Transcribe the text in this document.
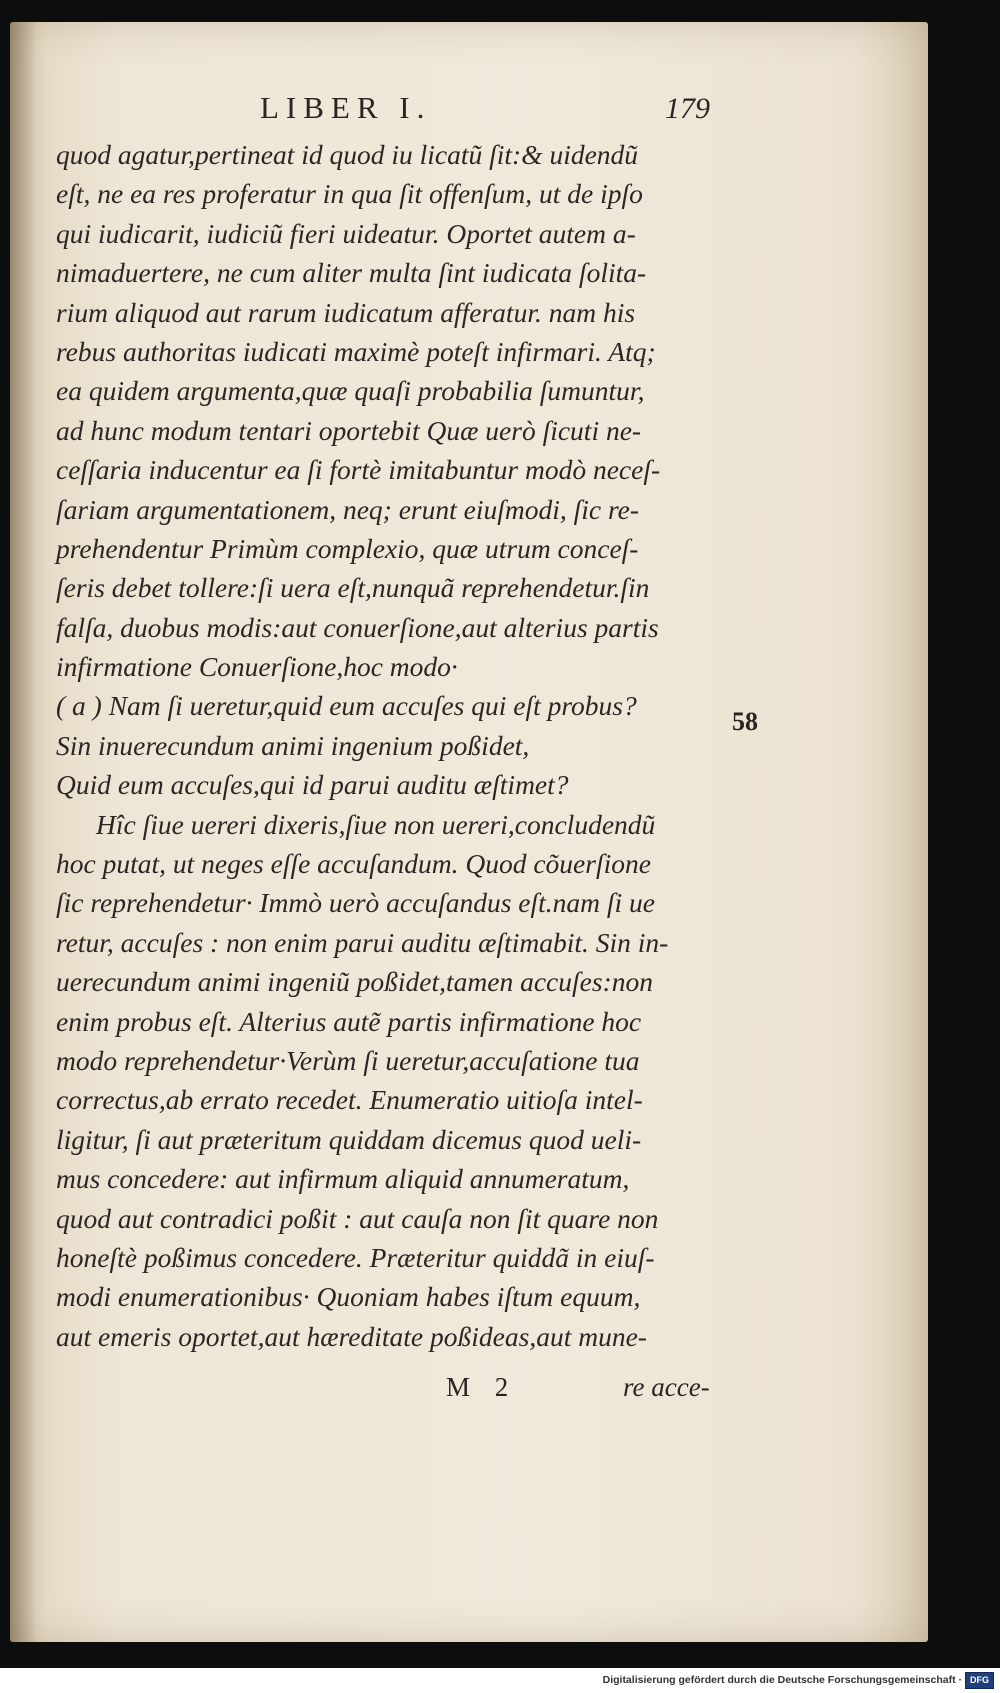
LIBER I.	179
quod agatur,pertineat id quod iu licatũ ſit:& uidendũ
eſt, ne ea res proferatur in qua ſit offenſum, ut de ipſo
qui iudicarit, iudiciũ fieri uideatur. Oportet autem a-
nimaduertere, ne cum aliter multa ſint iudicata ſolita-
rium aliquod aut rarum iudicatum afferatur. nam his
rebus authoritas iudicati maximè poteſt infirmari. Atq;
ea quidem argumenta,quæ quaſi probabilia ſumuntur,
ad hunc modum tentari oportebit Quæ uerò ſicuti ne-
ceſſaria inducentur ea ſi fortè imitabuntur modò neceſ-
ſariam argumentationem, neq; erunt eiuſmodi, ſic re-
prehendentur Primùm complexio, quæ utrum conceſ-
ſeris debet tollere:ſi uera eſt,nunquã reprehendetur.ſin
falſa, duobus modis:aut conuerſione,aut alterius partis
infirmatione Conuerſione,hoc modo·
( a ) Nam ſi ueretur,quid eum accuſes qui eſt probus?
Sin inuerecundum animi ingenium poßidet,
Quid eum accuſes,qui id parui auditu æſtimet?
Hîc ſiue uereri dixeris,ſiue non uereri,concludendũ
hoc putat, ut neges eſſe accuſandum. Quod cõuerſione
ſic reprehendetur· Immò uerò accuſandus eſt.nam ſi ue
retur, accuſes : non enim parui auditu æſtimabit. Sin in-
uerecundum animi ingeniũ poßidet,tamen accuſes:non
enim probus eſt. Alterius autẽ partis infirmatione hoc
modo reprehendetur·Verùm ſi ueretur,accuſatione tua
correctus,ab errato recedet. Enumeratio uitioſa intel-
ligitur, ſi aut præteritum quiddam dicemus quod ueli-
mus concedere: aut infirmum aliquid annumeratum,
quod aut contradici poßit : aut cauſa non ſit quare non
honeſtè poßimus concedere. Præteritur quiddã in eiuſ-
modi enumerationibus· Quoniam habes iſtum equum,
aut emeris oportet,aut hæreditate poßideas,aut mune-
58
M 2	re acce-
Digitalisierung gefördert durch die Deutsche Forschungsgemeinschaft · DFG
